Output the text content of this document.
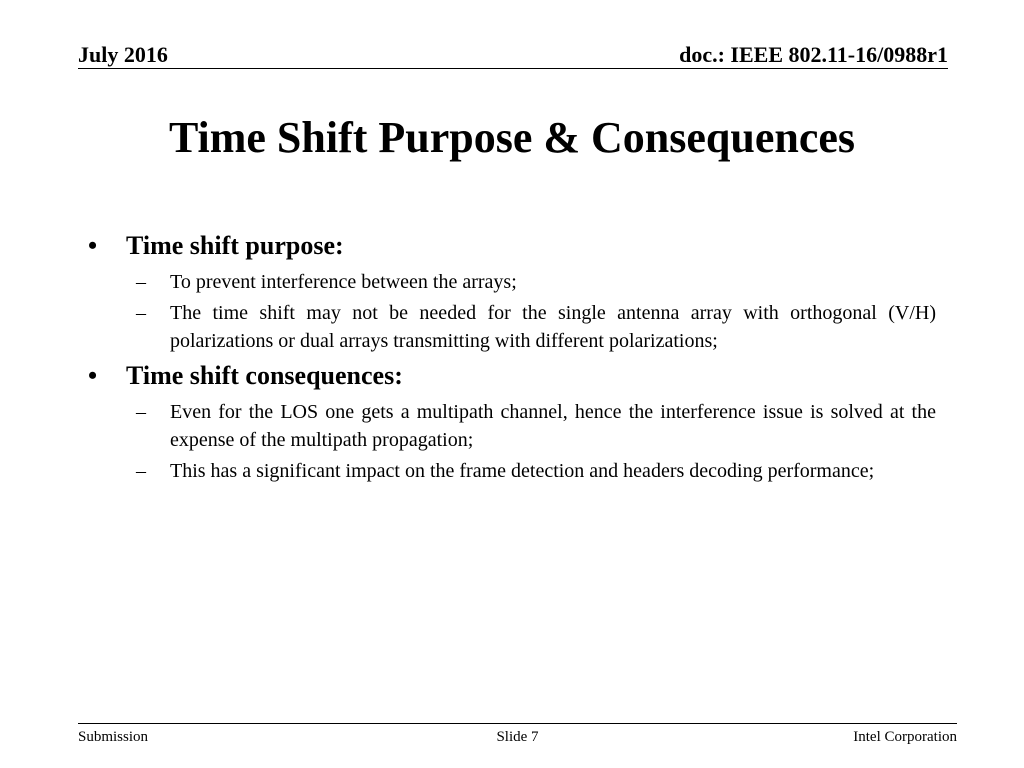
July 2016	doc.: IEEE 802.11-16/0988r1
Time Shift Purpose & Consequences
• Time shift purpose:
– To prevent interference between the arrays;
– The time shift may not be needed for the single antenna array with orthogonal (V/H) polarizations or dual arrays transmitting with different polarizations;
• Time shift consequences:
– Even for the LOS one gets a multipath channel, hence the interference issue is solved at the expense of the multipath propagation;
– This has a significant impact on the frame detection and headers decoding performance;
Submission	Slide 7	Intel Corporation
